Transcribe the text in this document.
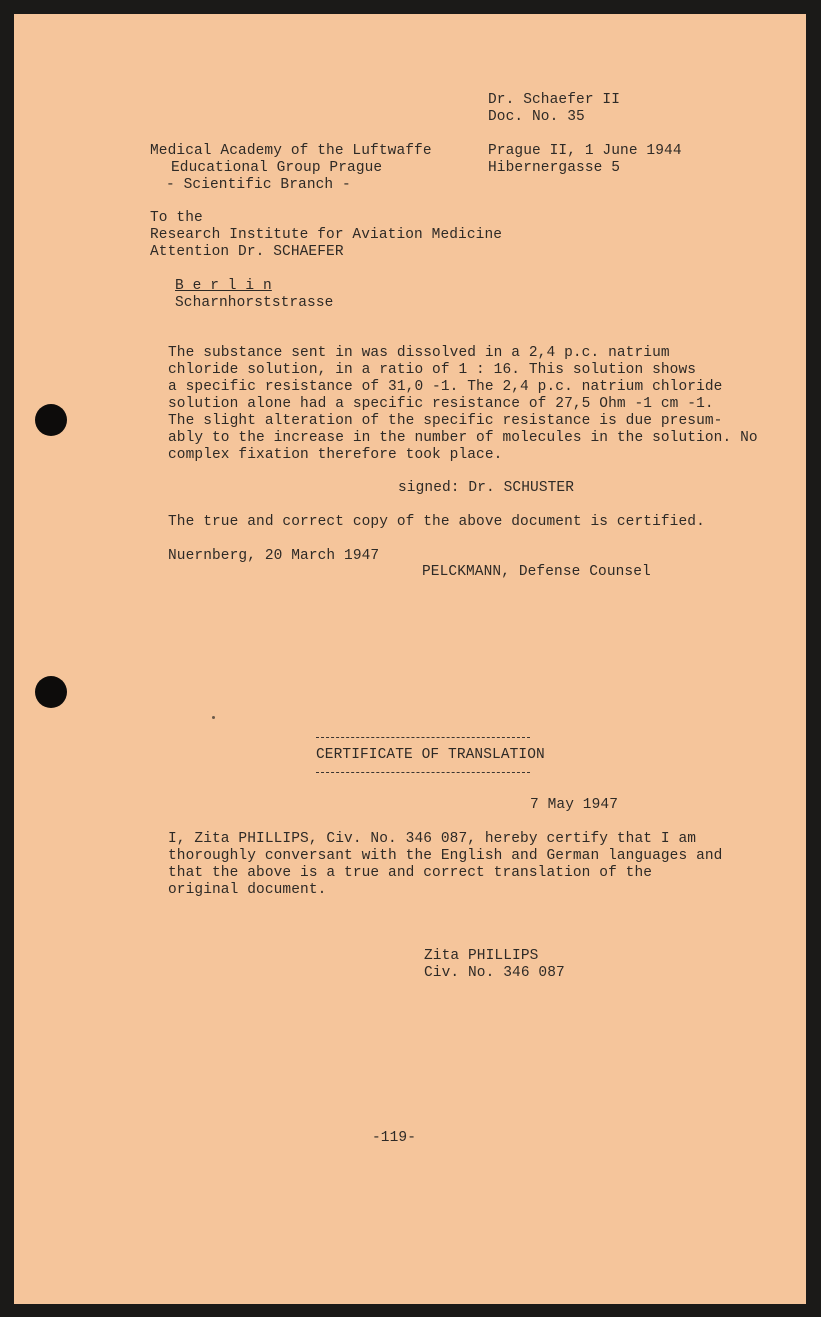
Dr. Schaefer II
Doc. No. 35
Medical Academy of the Luftwaffe
Educational Group Prague
- Scientific Branch -
Prague II, 1 June 1944
Hibernergasse 5
To the
Research Institute for Aviation Medicine
Attention Dr. SCHAEFER
B e r l i n
Scharnhorststrasse
The substance sent in was dissolved in a 2,4 p.c. natrium
chloride solution, in a ratio of 1 : 16. This solution shows
a specific resistance of 31,0 -1. The 2,4 p.c. natrium chloride
solution alone had a specific resistance of 27,5 Ohm -1 cm -1.
The slight alteration of the specific resistance is due presum-
ably to the increase in the number of molecules in the solution. No
complex fixation therefore took place.
signed: Dr. SCHUSTER
The true and correct copy of the above document is certified.
Nuernberg, 20 March 1947
PELCKMANN, Defense Counsel
CERTIFICATE OF TRANSLATION
7 May 1947
I, Zita PHILLIPS, Civ. No. 346 087, hereby certify that I am
thoroughly conversant with the English and German languages and
that the above is a true and correct translation of the
original document.
Zita PHILLIPS
Civ. No. 346 087
-119-
